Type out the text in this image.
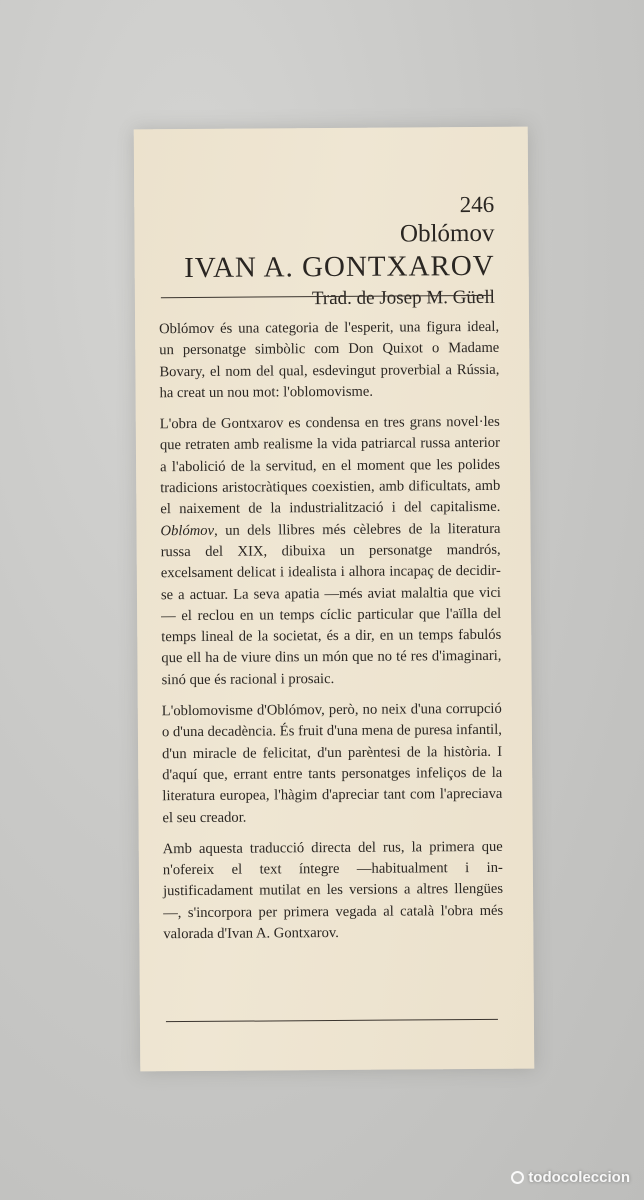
246

Oblómov

IVAN A. GONTXAROV

Trad. de Josep M. Güell

Oblómov és una categoria de l'esperit, una figura ideal, un personatge simbòlic com Don Quixot o Madame Bovary, el nom del qual, esdevingut proverbial a Rússia, ha creat un nou mot: l'oblomovisme.

L'obra de Gontxarov es condensa en tres grans novel·les que retraten amb realisme la vida patriarcal russa anterior a l'abolició de la servitud, en el moment que les polides tradicions aristocràtiques coexistien, amb dificultats, amb el naixement de la industrialització i del capitalisme. Oblómov, un dels llibres més cèlebres de la literatura russa del XIX, dibuixa un personatge mandrós, excelsament delicat i idealista i alhora incapaç de decidir-se a actuar. La seva apatia —més aviat malaltia que vici— el reclou en un temps cíclic particular que l'aïlla del temps lineal de la societat, és a dir, en un temps fabulós que ell ha de viure dins un món que no té res d'imaginari, sinó que és racional i prosaic.

L'oblomovisme d'Oblómov, però, no neix d'una corrupció o d'una decadència. És fruit d'una mena de puresa infantil, d'un miracle de felicitat, d'un parèntesi de la història. I d'aquí que, errant entre tants personatges infeliços de la literatura europea, l'hàgim d'apreciar tant com l'apreciava el seu creador.

Amb aquesta traducció directa del rus, la primera que n'ofereix el text íntegre —habitualment i injustificadament mutilat en les versions a altres llengües—, s'incorpora per primera vegada al català l'obra més valorada d'Ivan A. Gontxarov.

todocoleccion
